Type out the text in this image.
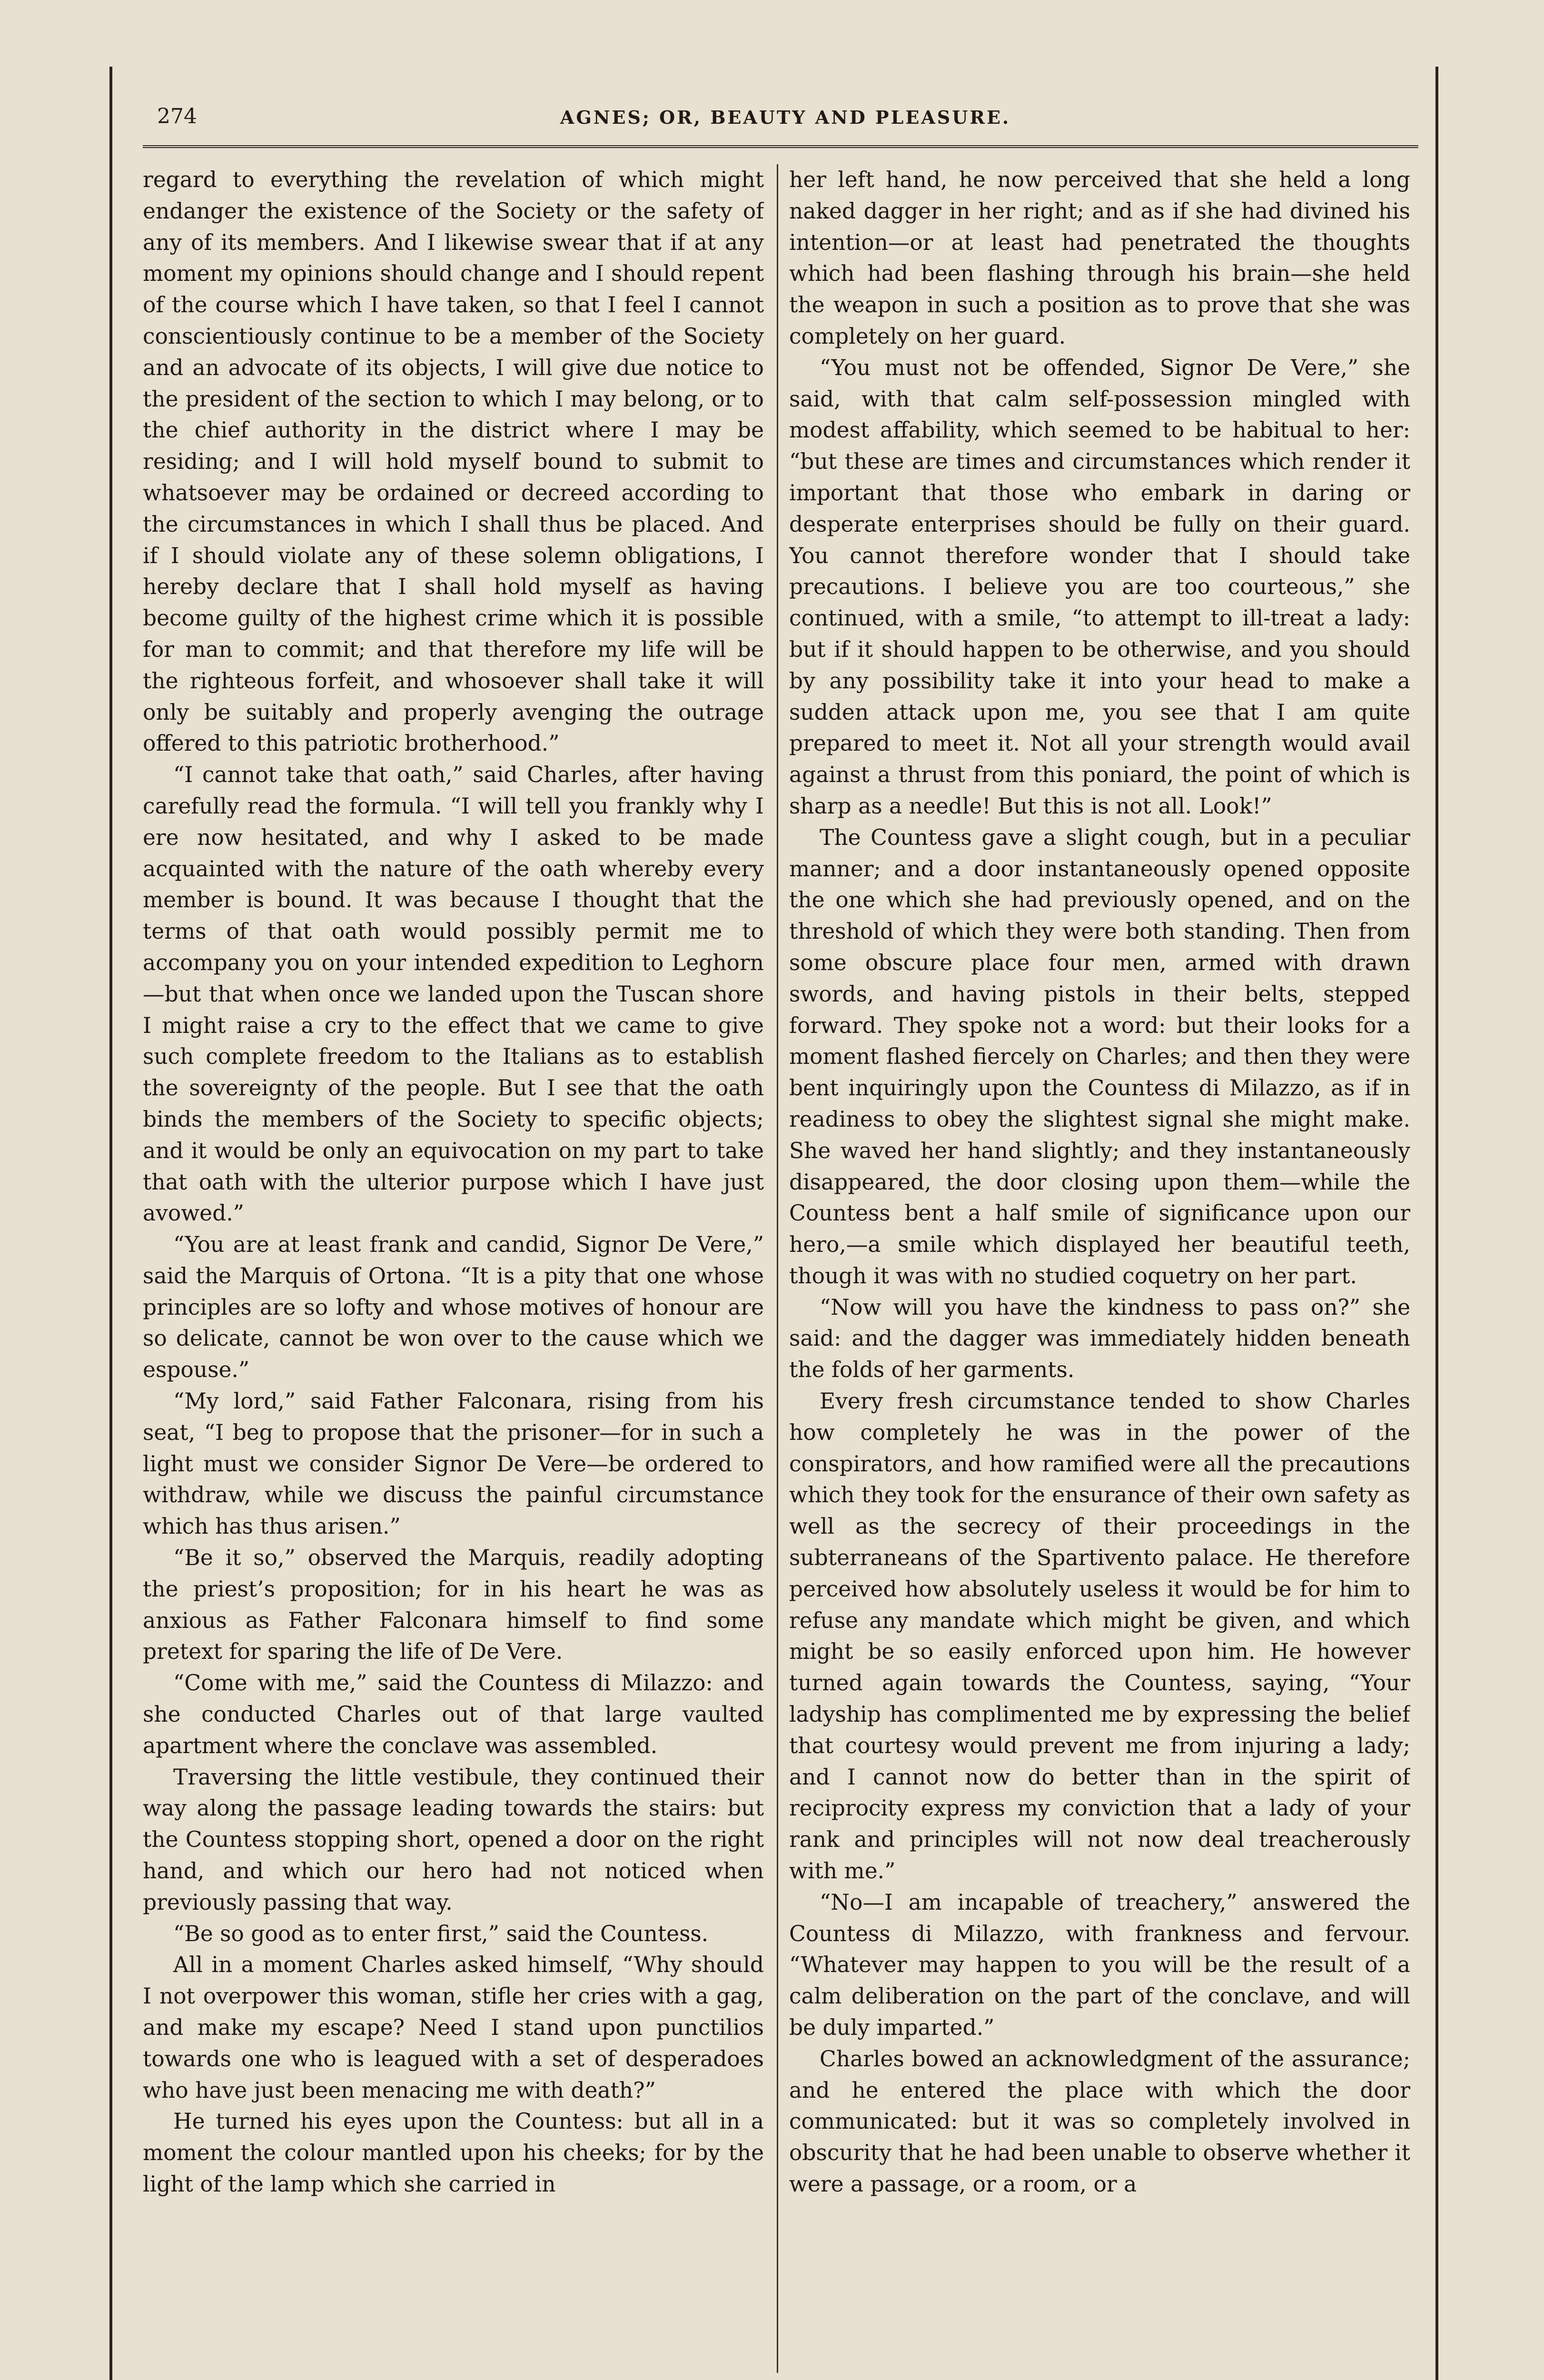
274	AGNES; OR, BEAUTY AND PLEASURE.

regard to everything the revelation of which might endanger the existence of the Society or the safety of any of its members. And I likewise swear that if at any moment my opinions should change and I should repent of the course which I have taken, so that I feel I cannot conscientiously continue to be a member of the Society and an advocate of its objects, I will give due notice to the president of the section to which I may belong, or to the chief authority in the district where I may be residing; and I will hold myself bound to submit to whatsoever may be ordained or decreed according to the circumstances in which I shall thus be placed. And if I should violate any of these solemn obligations, I hereby declare that I shall hold myself as having become guilty of the highest crime which it is possible for man to commit; and that therefore my life will be the righteous forfeit, and whosoever shall take it will only be suitably and properly avenging the outrage offered to this patriotic brotherhood.”

“I cannot take that oath,” said Charles, after having carefully read the formula. “I will tell you frankly why I ere now hesitated, and why I asked to be made acquainted with the nature of the oath whereby every member is bound. It was because I thought that the terms of that oath would possibly permit me to accompany you on your intended expedition to Leghorn—but that when once we landed upon the Tuscan shore I might raise a cry to the effect that we came to give such complete freedom to the Italians as to establish the sovereignty of the people. But I see that the oath binds the members of the Society to specific objects; and it would be only an equivocation on my part to take that oath with the ulterior purpose which I have just avowed.”

“You are at least frank and candid, Signor De Vere,” said the Marquis of Ortona. “It is a pity that one whose principles are so lofty and whose motives of honour are so delicate, cannot be won over to the cause which we espouse.”

“My lord,” said Father Falconara, rising from his seat, “I beg to propose that the prisoner—for in such a light must we consider Signor De Vere—be ordered to withdraw, while we discuss the painful circumstance which has thus arisen.”

“Be it so,” observed the Marquis, readily adopting the priest’s proposition; for in his heart he was as anxious as Father Falconara himself to find some pretext for sparing the life of De Vere.

“Come with me,” said the Countess di Milazzo: and she conducted Charles out of that large vaulted apartment where the conclave was assembled.

Traversing the little vestibule, they continued their way along the passage leading towards the stairs: but the Countess stopping short, opened a door on the right hand, and which our hero had not noticed when previously passing that way.

“Be so good as to enter first,” said the Countess.

All in a moment Charles asked himself, “Why should I not overpower this woman, stifle her cries with a gag, and make my escape? Need I stand upon punctilios towards one who is leagued with a set of desperadoes who have just been menacing me with death?”

He turned his eyes upon the Countess: but all in a moment the colour mantled upon his cheeks; for by the light of the lamp which she carried in

her left hand, he now perceived that she held a long naked dagger in her right; and as if she had divined his intention—or at least had penetrated the thoughts which had been flashing through his brain—she held the weapon in such a position as to prove that she was completely on her guard.

“You must not be offended, Signor De Vere,” she said, with that calm self-possession mingled with modest affability, which seemed to be habitual to her: “but these are times and circumstances which render it important that those who embark in daring or desperate enterprises should be fully on their guard. You cannot therefore wonder that I should take precautions. I believe you are too courteous,” she continued, with a smile, “to attempt to ill-treat a lady: but if it should happen to be otherwise, and you should by any possibility take it into your head to make a sudden attack upon me, you see that I am quite prepared to meet it. Not all your strength would avail against a thrust from this poniard, the point of which is sharp as a needle! But this is not all. Look!”

The Countess gave a slight cough, but in a peculiar manner; and a door instantaneously opened opposite the one which she had previously opened, and on the threshold of which they were both standing. Then from some obscure place four men, armed with drawn swords, and having pistols in their belts, stepped forward. They spoke not a word: but their looks for a moment flashed fiercely on Charles; and then they were bent inquiringly upon the Countess di Milazzo, as if in readiness to obey the slightest signal she might make. She waved her hand slightly; and they instantaneously disappeared, the door closing upon them—while the Countess bent a half smile of significance upon our hero,—a smile which displayed her beautiful teeth, though it was with no studied coquetry on her part.

“Now will you have the kindness to pass on?” she said: and the dagger was immediately hidden beneath the folds of her garments.

Every fresh circumstance tended to show Charles how completely he was in the power of the conspirators, and how ramified were all the precautions which they took for the ensurance of their own safety as well as the secrecy of their proceedings in the subterraneans of the Spartivento palace. He therefore perceived how absolutely useless it would be for him to refuse any mandate which might be given, and which might be so easily enforced upon him. He however turned again towards the Countess, saying, “Your ladyship has complimented me by expressing the belief that courtesy would prevent me from injuring a lady; and I cannot now do better than in the spirit of reciprocity express my conviction that a lady of your rank and principles will not now deal treacherously with me.”

“No—I am incapable of treachery,” answered the Countess di Milazzo, with frankness and fervour. “Whatever may happen to you will be the result of a calm deliberation on the part of the conclave, and will be duly imparted.”

Charles bowed an acknowledgment of the assurance; and he entered the place with which the door communicated: but it was so completely involved in obscurity that he had been unable to observe whether it were a passage, or a room, or a
